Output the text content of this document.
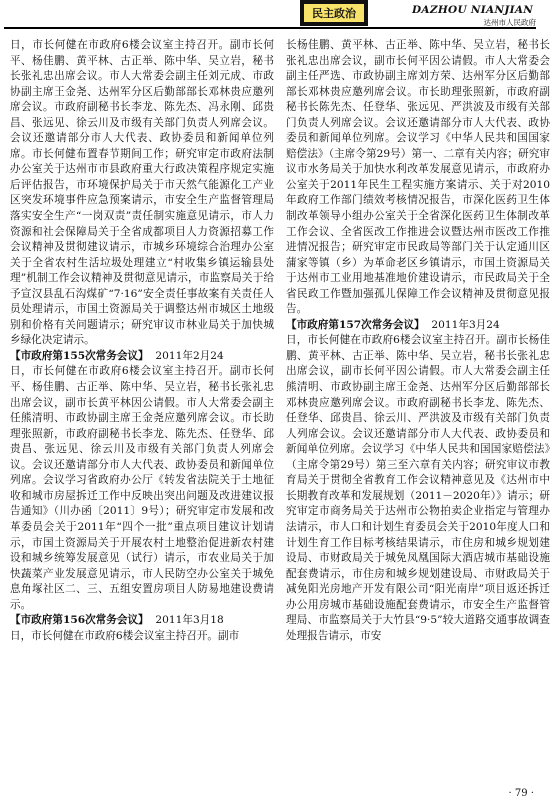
民主政治	DAZHOU NIANJIAN
达州市人民政府

日，市长何健在市政府6楼会议室主持召开。副市长何平、杨佳鹏、黄平林、古正举、陈中华、吴立岩，秘书长张礼忠出席会议。市人大常委会副主任刘元成、市政协副主席王金尧、达州军分区后勤部部长邓林贵应邀列席会议。市政府副秘书长李龙、陈先杰、冯永刚、邱贵昌、张远见、徐云川及市级有关部门负责人列席会议。会议还邀请部分市人大代表、政协委员和新闻单位列席。市长何健布置春节期间工作；研究审定市政府法制办公室关于达州市市县政府重大行政决策程序规定实施后评估报告，市环境保护局关于市天然气能源化工产业区突发环境事件应急预案请示，市安全生产监督管理局落实安全生产“一岗双责”责任制实施意见请示，市人力资源和社会保障局关于全省成都项目人力资源招募工作会议精神及贯彻建议请示，市城乡环境综合治理办公室关于全省农村生活垃圾处理建立“村收集乡镇运输县处理”机制工作会议精神及贯彻意见请示，市监察局关于给予宣汉县乱石沟煤矿“7·16”安全责任事故案有关责任人员处理请示，市国土资源局关于调整达州市城区土地级别和价格有关问题请示；研究审议市林业局关于加快城乡绿化决定请示。

【市政府第155次常务会议】 2011年2月24

日，市长何健在市政府6楼会议室主持召开。副市长何平、杨佳鹏、古正举、陈中华、吴立岩，秘书长张礼忠出席会议，副市长黄平林因公请假。市人大常委会副主任熊清明、市政协副主席王金尧应邀列席会议。市长助理张照新，市政府副秘书长李龙、陈先杰、任登华、邱贵昌、张远见、徐云川及市级有关部门负责人列席会议。会议还邀请部分市人大代表、政协委员和新闻单位列席。会议学习省政府办公厅《转发省法院关于土地征收和城市房屋拆迁工作中反映出突出问题及改进建议报告通知》（川办函〔2011〕9号）；研究审定市发展和改革委员会关于2011年“四个一批”重点项目建议计划请示，市国土资源局关于开展农村土地整治促进新农村建设和城乡统筹发展意见（试行）请示，市农业局关于加快蔬菜产业发展意见请示，市人民防空办公室关于城免息角塚社区二、三、五组安置房项目人防易地建设费请示。

【市政府第156次常务会议】 2011年3月18

日，市长何健在市政府6楼会议室主持召开。副市

长杨佳鹏、黄平林、古正举、陈中华、吴立岩，秘书长张礼忠出席会议，副市长何平因公请假。市人大常委会副主任严选、市政协副主席刘方荣、达州军分区后勤部部长邓林贵应邀列席会议。市长助理张照新，市政府副秘书长陈先杰、任登华、张远见、严洪波及市级有关部门负责人列席会议。会议还邀请部分市人大代表、政协委员和新闻单位列席。会议学习《中华人民共和国国家赔偿法》（主席令第29号）第一、二章有关内容；研究审议市水务局关于加快水利改革发展意见请示，市政府办公室关于2011年民生工程实施方案请示、关于对2010年政府工作部门绩效考核情况报告，市深化医药卫生体制改革领导小组办公室关于全省深化医药卫生体制改革工作会议、全省医改工作推进会议暨达州市医改工作推进情况报告；研究审定市民政局等部门关于认定通川区蒲家等镇（乡）为革命老区乡镇请示，市国土资源局关于达州市工业用地基准地价建设请示，市民政局关于全省民政工作暨加强孤儿保障工作会议精神及贯彻意见报告。

【市政府第157次常务会议】 2011年3月24

日，市长何健在市政府6楼会议室主持召开。副市长杨佳鹏、黄平林、古正举、陈中华、吴立岩，秘书长张礼忠出席会议，副市长何平因公请假。市人大常委会副主任熊清明、市政协副主席王金尧、达州军分区后勤部部长邓林贵应邀列席会议。市政府副秘书长李龙、陈先杰、任登华、邱贵昌、徐云川、严洪波及市级有关部门负责人列席会议。会议还邀请部分市人大代表、政协委员和新闻单位列席。会议学习《中华人民共和国国家赔偿法》（主席令第29号）第三至六章有关内容；研究审议市教育局关于贯彻全省教育工作会议精神意见及《达州市中长期教育改革和发展规划（2011－2020年）》请示；研究审定市商务局关于达州市公物拍卖企业指定与管理办法请示，市人口和计划生育委员会关于2010年度人口和计划生育工作目标考核结果请示，市住房和城乡规划建设局、市财政局关于城免凤凰国际大酒店城市基础设施配套费请示，市住房和城乡规划建设局、市财政局关于减免阳光房地产开发有限公司“阳光南岸”项目返还拆迁办公用房城市基础设施配套费请示，市安全生产监督管理局、市监察局关于大竹县“9·5”较大道路交通事故调查处理报告请示，市安

· 79 ·
